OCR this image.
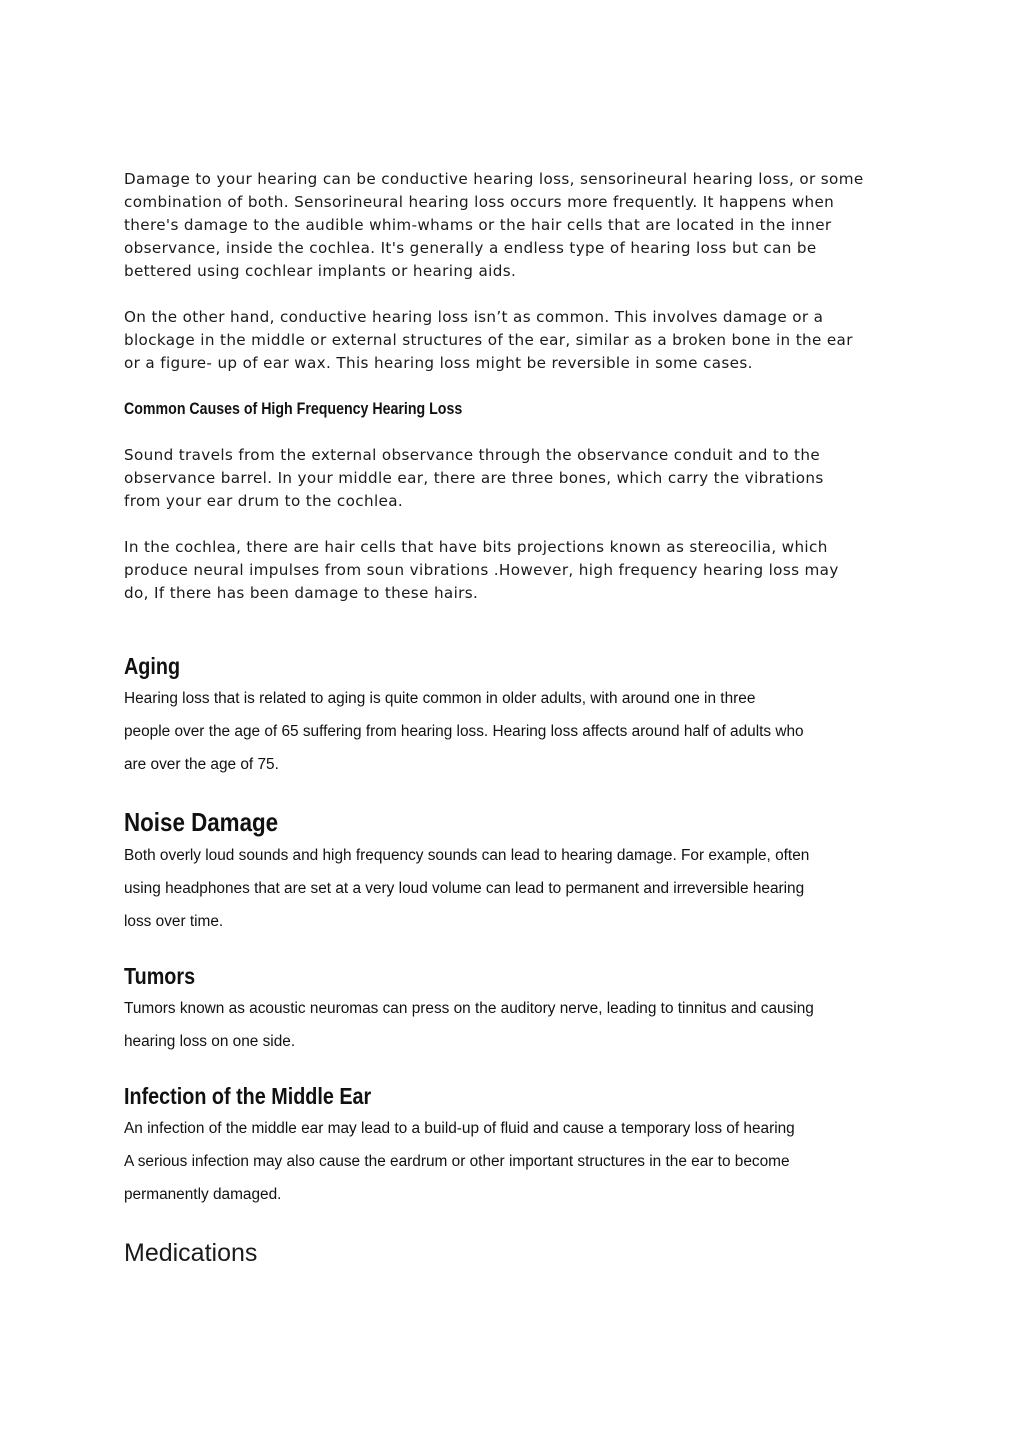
Damage to your hearing can be conductive hearing loss, sensorineural hearing loss, or some
combination of both. Sensorineural hearing loss occurs more frequently. It happens when
there's damage to the audible whim-whams or the hair cells that are located in the inner
observance, inside the cochlea. It's generally a endless type of hearing loss but can be
bettered using cochlear implants or hearing aids.

On the other hand, conductive hearing loss isn’t as common. This involves damage or a
blockage in the middle or external structures of the ear, similar as a broken bone in the ear
or a figure- up of ear wax. This hearing loss might be reversible in some cases.

Common Causes of High Frequency Hearing Loss

Sound travels from the external observance through the observance conduit and to the
observance barrel. In your middle ear, there are three bones, which carry the vibrations
from your ear drum to the cochlea.

In the cochlea, there are hair cells that have bits projections known as stereocilia, which
produce neural impulses from soun vibrations .However, high frequency hearing loss may
do, If there has been damage to these hairs.

Aging

Hearing loss that is related to aging is quite common in older adults, with around one in three
people over the age of 65 suffering from hearing loss. Hearing loss affects around half of adults who
are over the age of 75.

Noise Damage

Both overly loud sounds and high frequency sounds can lead to hearing damage. For example, often
using headphones that are set at a very loud volume can lead to permanent and irreversible hearing
loss over time.

Tumors

Tumors known as acoustic neuromas can press on the auditory nerve, leading to tinnitus and causing
hearing loss on one side.

Infection of the Middle Ear

An infection of the middle ear may lead to a build-up of fluid and cause a temporary loss of hearing
A serious infection may also cause the eardrum or other important structures in the ear to become
permanently damaged.

Medications
